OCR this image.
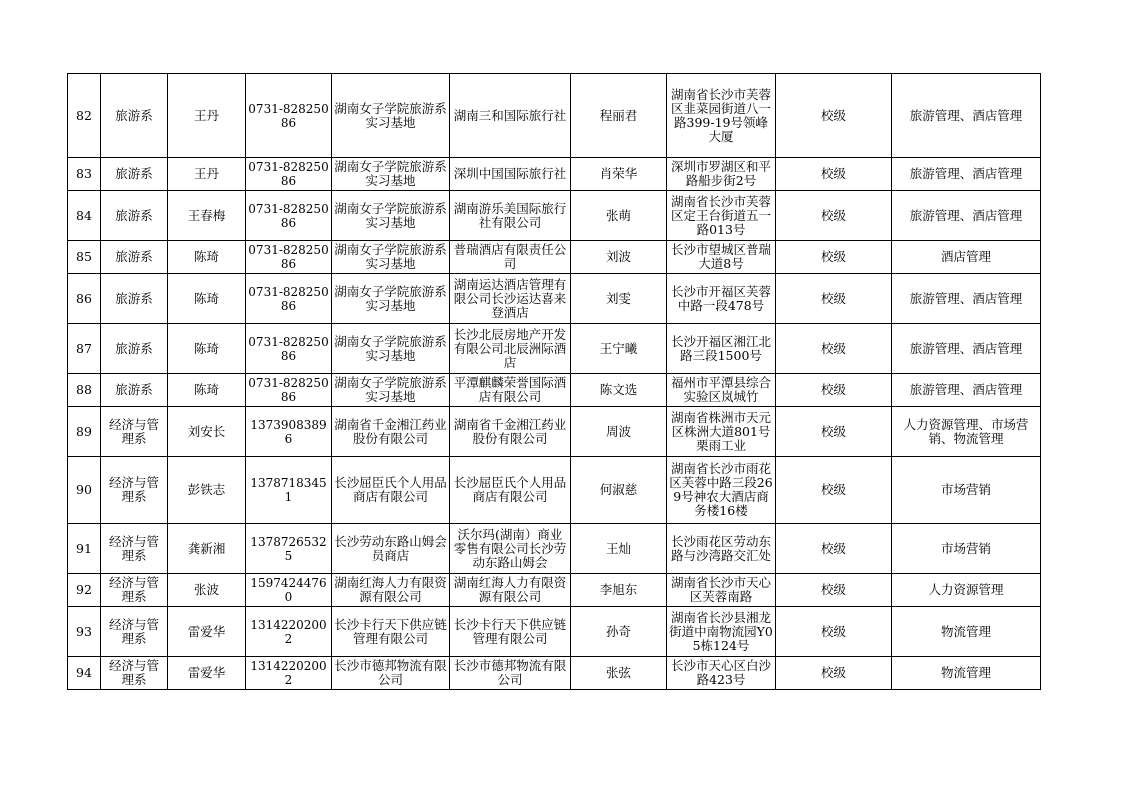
82	旅游系	王丹	0731-82825086	湖南女子学院旅游系实习基地	湖南三和国际旅行社	程丽君	湖南省长沙市芙蓉区韭菜园街道八一路399-19号领峰大厦	校级	旅游管理、酒店管理
83	旅游系	王丹	0731-82825086	湖南女子学院旅游系实习基地	深圳中国国际旅行社	肖荣华	深圳市罗湖区和平路船步街2号	校级	旅游管理、酒店管理
84	旅游系	王春梅	0731-82825086	湖南女子学院旅游系实习基地	湖南游乐美国际旅行社有限公司	张萌	湖南省长沙市芙蓉区定王台街道五一路013号	校级	旅游管理、酒店管理
85	旅游系	陈琦	0731-82825086	湖南女子学院旅游系实习基地	普瑞酒店有限责任公司	刘波	长沙市望城区普瑞大道8号	校级	酒店管理
86	旅游系	陈琦	0731-82825086	湖南女子学院旅游系实习基地	湖南运达酒店管理有限公司长沙运达喜来登酒店	刘雯	长沙市开福区芙蓉中路一段478号	校级	旅游管理、酒店管理
87	旅游系	陈琦	0731-82825086	湖南女子学院旅游系实习基地	长沙北辰房地产开发有限公司北辰洲际酒店	王宁曦	长沙开福区湘江北路三段1500号	校级	旅游管理、酒店管理
88	旅游系	陈琦	0731-82825086	湖南女子学院旅游系实习基地	平潭麒麟荣誉国际酒店有限公司	陈文选	福州市平潭县综合实验区岚城竹	校级	旅游管理、酒店管理
89	经济与管理系	刘安长	13739083896	湖南省千金湘江药业股份有限公司	湖南省千金湘江药业股份有限公司	周波	湖南省株洲市天元区株洲大道801号栗雨工业	校级	人力资源管理、市场营销、物流管理
90	经济与管理系	彭铁志	13787183451	长沙屈臣氏个人用品商店有限公司	长沙屈臣氏个人用品商店有限公司	何淑慈	湖南省长沙市雨花区芙蓉中路三段269号神农大酒店商务楼16楼	校级	市场营销
91	经济与管理系	龚新湘	13787265325	长沙劳动东路山姆会员商店	沃尔玛(湖南）商业零售有限公司长沙劳动东路山姆会	王灿	长沙雨花区劳动东路与沙湾路交汇处	校级	市场营销
92	经济与管理系	张波	15974244760	湖南红海人力有限资源有限公司	湖南红海人力有限资源有限公司	李旭东	湖南省长沙市天心区芙蓉南路	校级	人力资源管理
93	经济与管理系	雷爱华	13142202002	长沙卡行天下供应链管理有限公司	长沙卡行天下供应链管理有限公司	孙奇	湖南省长沙县湘龙街道中南物流园Y05栋124号	校级	物流管理
94	经济与管理系	雷爱华	13142202002	长沙市德邦物流有限公司	长沙市德邦物流有限公司	张弦	长沙市天心区白沙路423号	校级	物流管理
